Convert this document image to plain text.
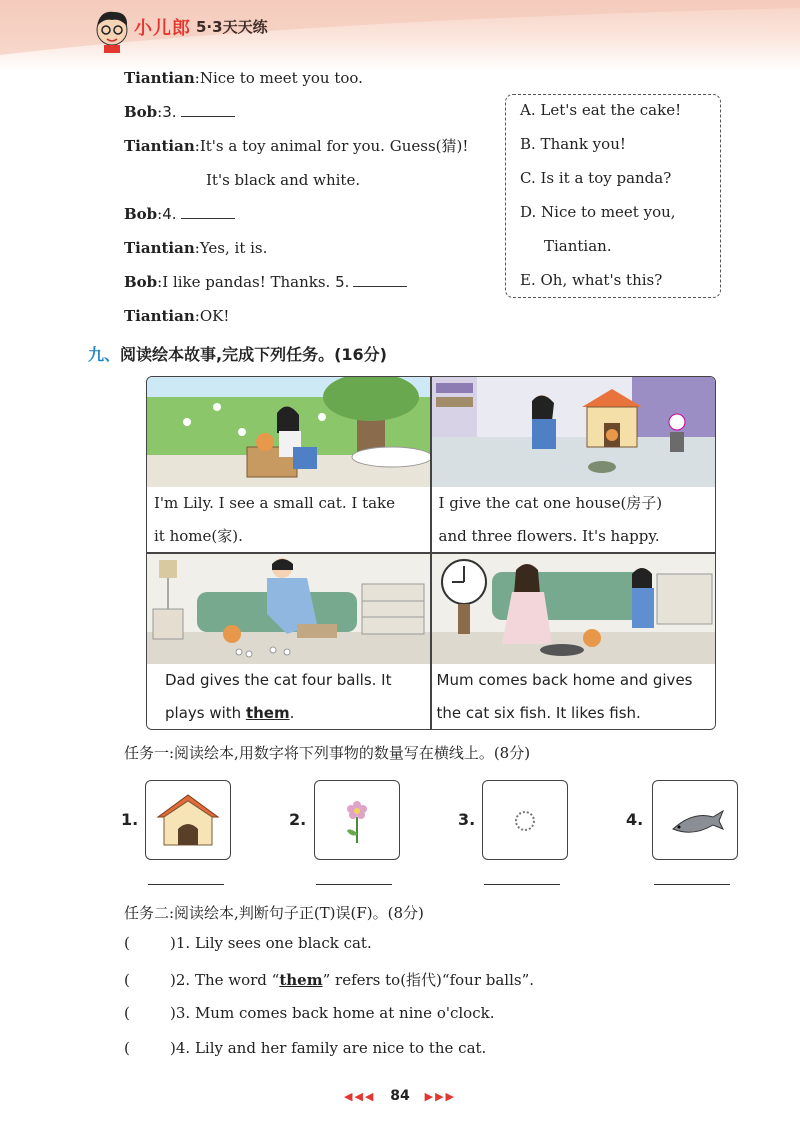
小儿郎 5·3天天练
Tiantian:Nice to meet you too.
Bob:3.
Tiantian:It's a toy animal for you. Guess(猜)!
It's black and white.
Bob:4.
Tiantian:Yes, it is.
Bob:I like pandas! Thanks. 5.
Tiantian:OK!
A. Let's eat the cake!
B. Thank you!
C. Is it a toy panda?
D. Nice to meet you,
Tiantian.
E. Oh, what's this?
九、阅读绘本故事,完成下列任务。(16分)
I'm Lily. I see a small cat. I take
it home(家).
I give the cat one house(房子)
and three flowers. It's happy.
Dad gives the cat four balls. It
plays with them.
Mum comes back home and gives
the cat six fish. It likes fish.
任务一:阅读绘本,用数字将下列事物的数量写在横线上。(8分)
1.	2.	3.	4.
任务二:阅读绘本,判断句子正(T)误(F)。(8分)
(	)1. Lily sees one black cat.
(	)2. The word “them” refers to(指代)“four balls”.
(	)3. Mum comes back home at nine o'clock.
(	)4. Lily and her family are nice to the cat.
◀◀◀ 84 ▶▶▶
